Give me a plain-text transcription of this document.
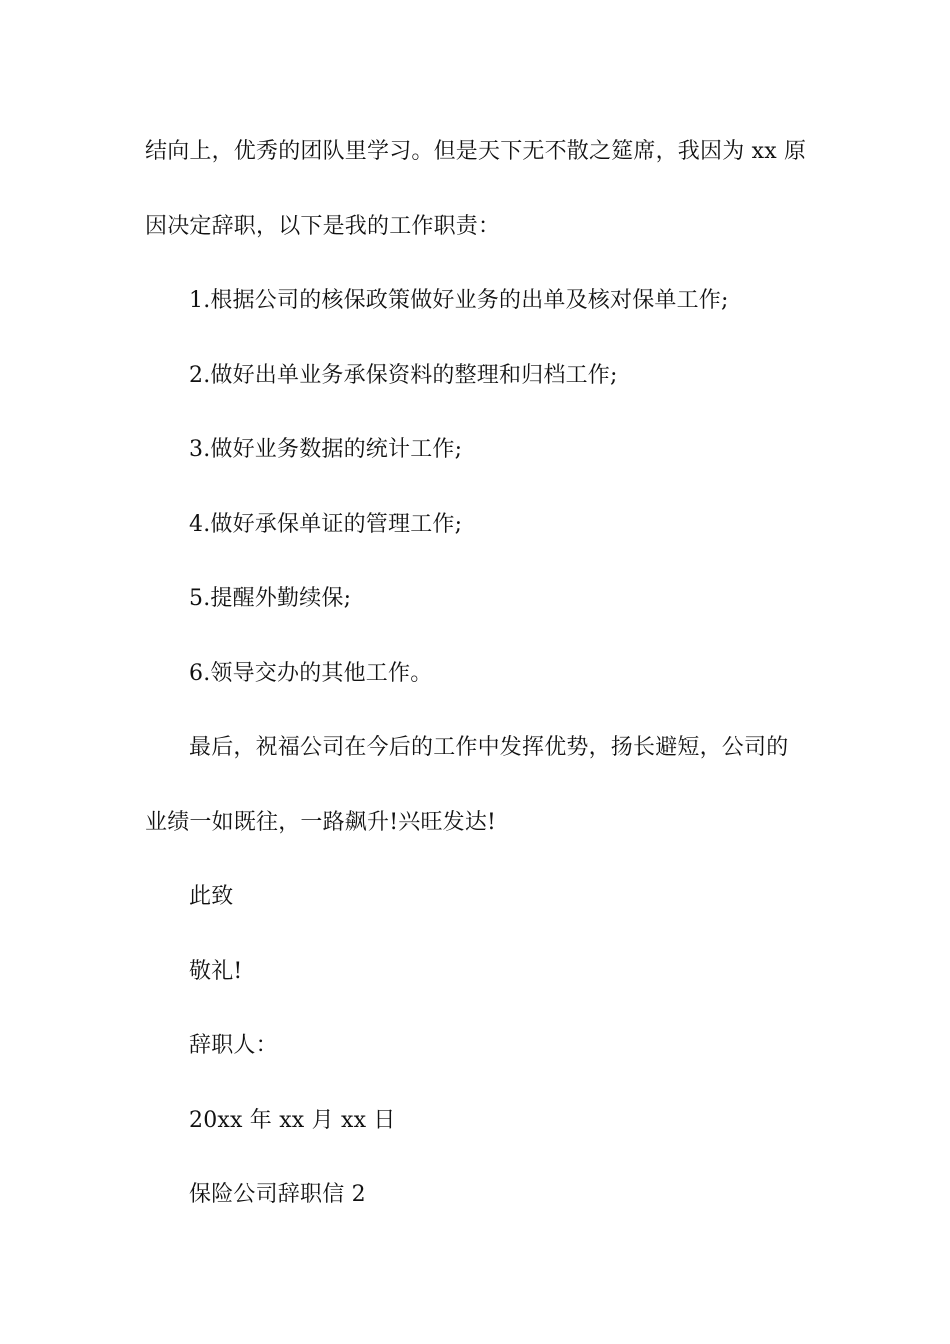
结向上，优秀的团队里学习。但是天下无不散之筵席，我因为 xx 原
因决定辞职，以下是我的工作职责：
1.根据公司的核保政策做好业务的出单及核对保单工作;
2.做好出单业务承保资料的整理和归档工作;
3.做好业务数据的统计工作;
4.做好承保单证的管理工作;
5.提醒外勤续保;
6.领导交办的其他工作。
最后，祝福公司在今后的工作中发挥优势，扬长避短，公司的
业绩一如既往，一路飙升!兴旺发达!
此致
敬礼!
辞职人：
20xx 年 xx 月 xx 日
保险公司辞职信 2
